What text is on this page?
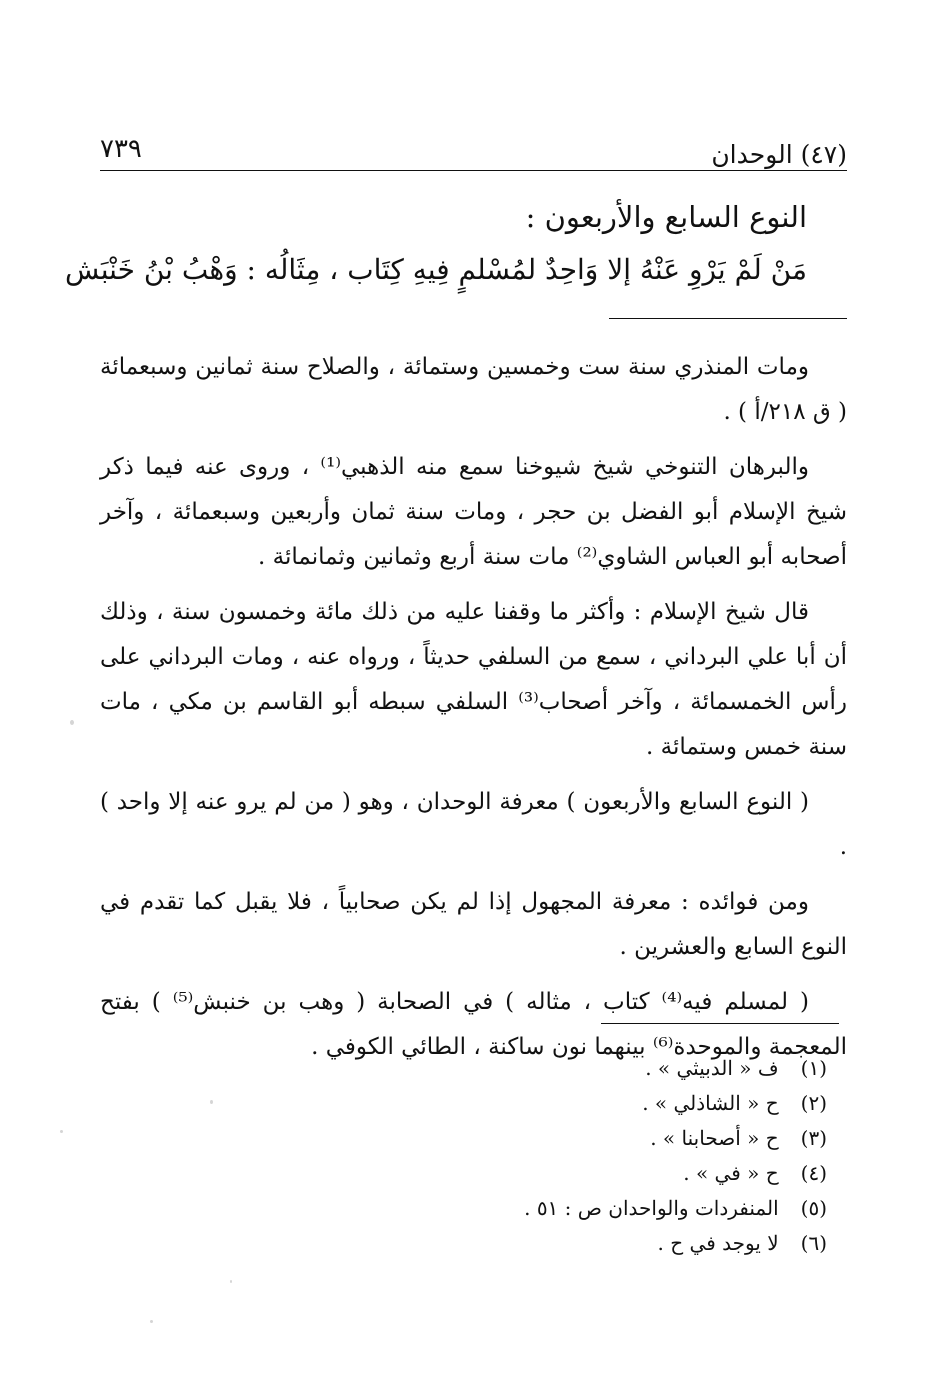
(٤٧) الوحدان
٧٣٩
النوع السابع والأربعون :
مَنْ لَمْ يَرْوِ عَنْهُ إلا وَاحِدٌ لمُسْلمٍ فِيهِ كِتَاب ، مِثَالُه : وَهْبُ بْنُ خَنْبَش

ومات المنذري سنة ست وخمسين وستمائة ، والصلاح سنة ثمانين وسبعمائة ( ق ٢١٨/أ ) .

والبرهان التنوخي شيخ شيوخنا سمع منه الذهبي⁽¹⁾ ، وروى عنه فيما ذكر شيخ الإسلام أبو الفضل بن حجر ، ومات سنة ثمان وأربعين وسبعمائة ، وآخر أصحابه أبو العباس الشاوي⁽²⁾ مات سنة أربع وثمانين وثمانمائة .

قال شيخ الإسلام : وأكثر ما وقفنا عليه من ذلك مائة وخمسون سنة ، وذلك أن أبا علي البرداني ، سمع من السلفي حديثاً ، ورواه عنه ، ومات البرداني على رأس الخمسمائة ، وآخر أصحاب⁽³⁾ السلفي سبطه أبو القاسم بن مكي ، مات سنة خمس وستمائة .

( النوع السابع والأربعون ) معرفة الوحدان ، وهو ( من لم يرو عنه إلا واحد ) .

ومن فوائده : معرفة المجهول إذا لم يكن صحابياً ، فلا يقبل كما تقدم في النوع السابع والعشرين .

( لمسلم فيه⁽⁴⁾ كتاب ، مثاله ) في الصحابة ( وهب بن خنبش⁽⁵⁾ ) بفتح المعجمة والموحدة⁽⁶⁾ بينهما نون ساكنة ، الطائي الكوفي .

(١) ف « الدبيثي » .
(٢) ح « الشاذلي » .
(٣) ح « أصحابنا » .
(٤) ح « في » .
(٥) المنفردات والواحدان ص : ٥١ .
(٦) لا يوجد في ح .
